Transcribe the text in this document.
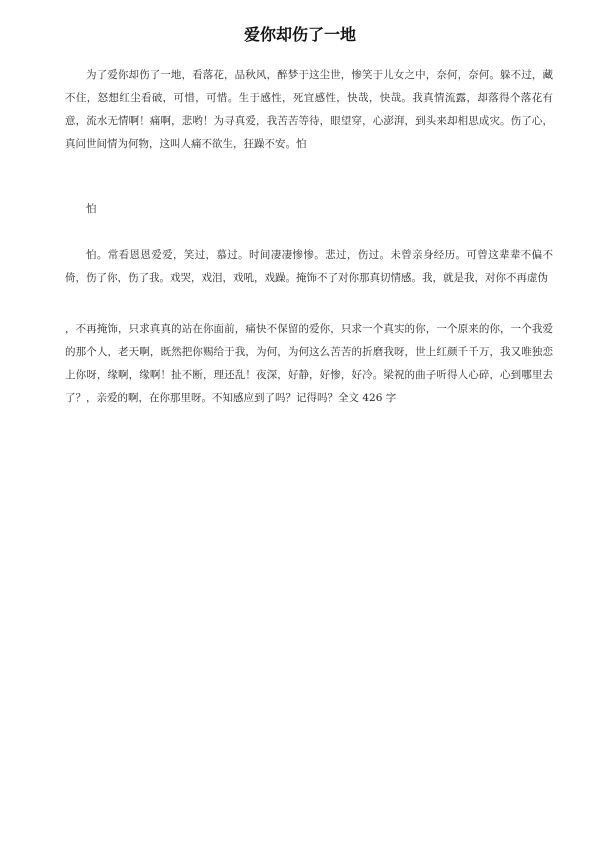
爱你却伤了一地

为了爱你却伤了一地，看落花，品秋风，醉梦于这尘世，惨笑于儿女之中，奈何，奈何。躲不过，藏不住，怒想红尘看破，可惜，可惜。生于感性，死宜感性，快哉，快哉。我真情流露，却落得个落花有意，流水无情啊！痛啊，悲哟！为寻真爱，我苦苦等待，眼望穿，心澎湃，到头来却相思成灾。伤了心，真问世间情为何物，这叫人痛不欲生，狂躁不安。怕

怕

怕。常看恩恩爱爱，笑过，慕过。时间凄凄惨惨。悲过，伤过。未曾亲身经历。可曾这辈辈不偏不倚，伤了你，伤了我。戏哭，戏泪，戏吼，戏躁。掩饰不了对你那真切情感。我，就是我，对你不再虚伪

，不再掩饰，只求真真的站在你面前，痛快不保留的爱你，只求一个真实的你，一个原来的你，一个我爱的那个人，老天啊，既然把你赐给于我，为何，为何这么苦苦的折磨我呀，世上红颜千千万，我又唯独恋上你呀，缘啊，缘啊！扯不断，理还乱！夜深，好静，好惨，好冷。梁祝的曲子听得人心碎，心到哪里去了？，亲爱的啊，在你那里呀。不知感应到了吗？记得吗？全文 426 字
